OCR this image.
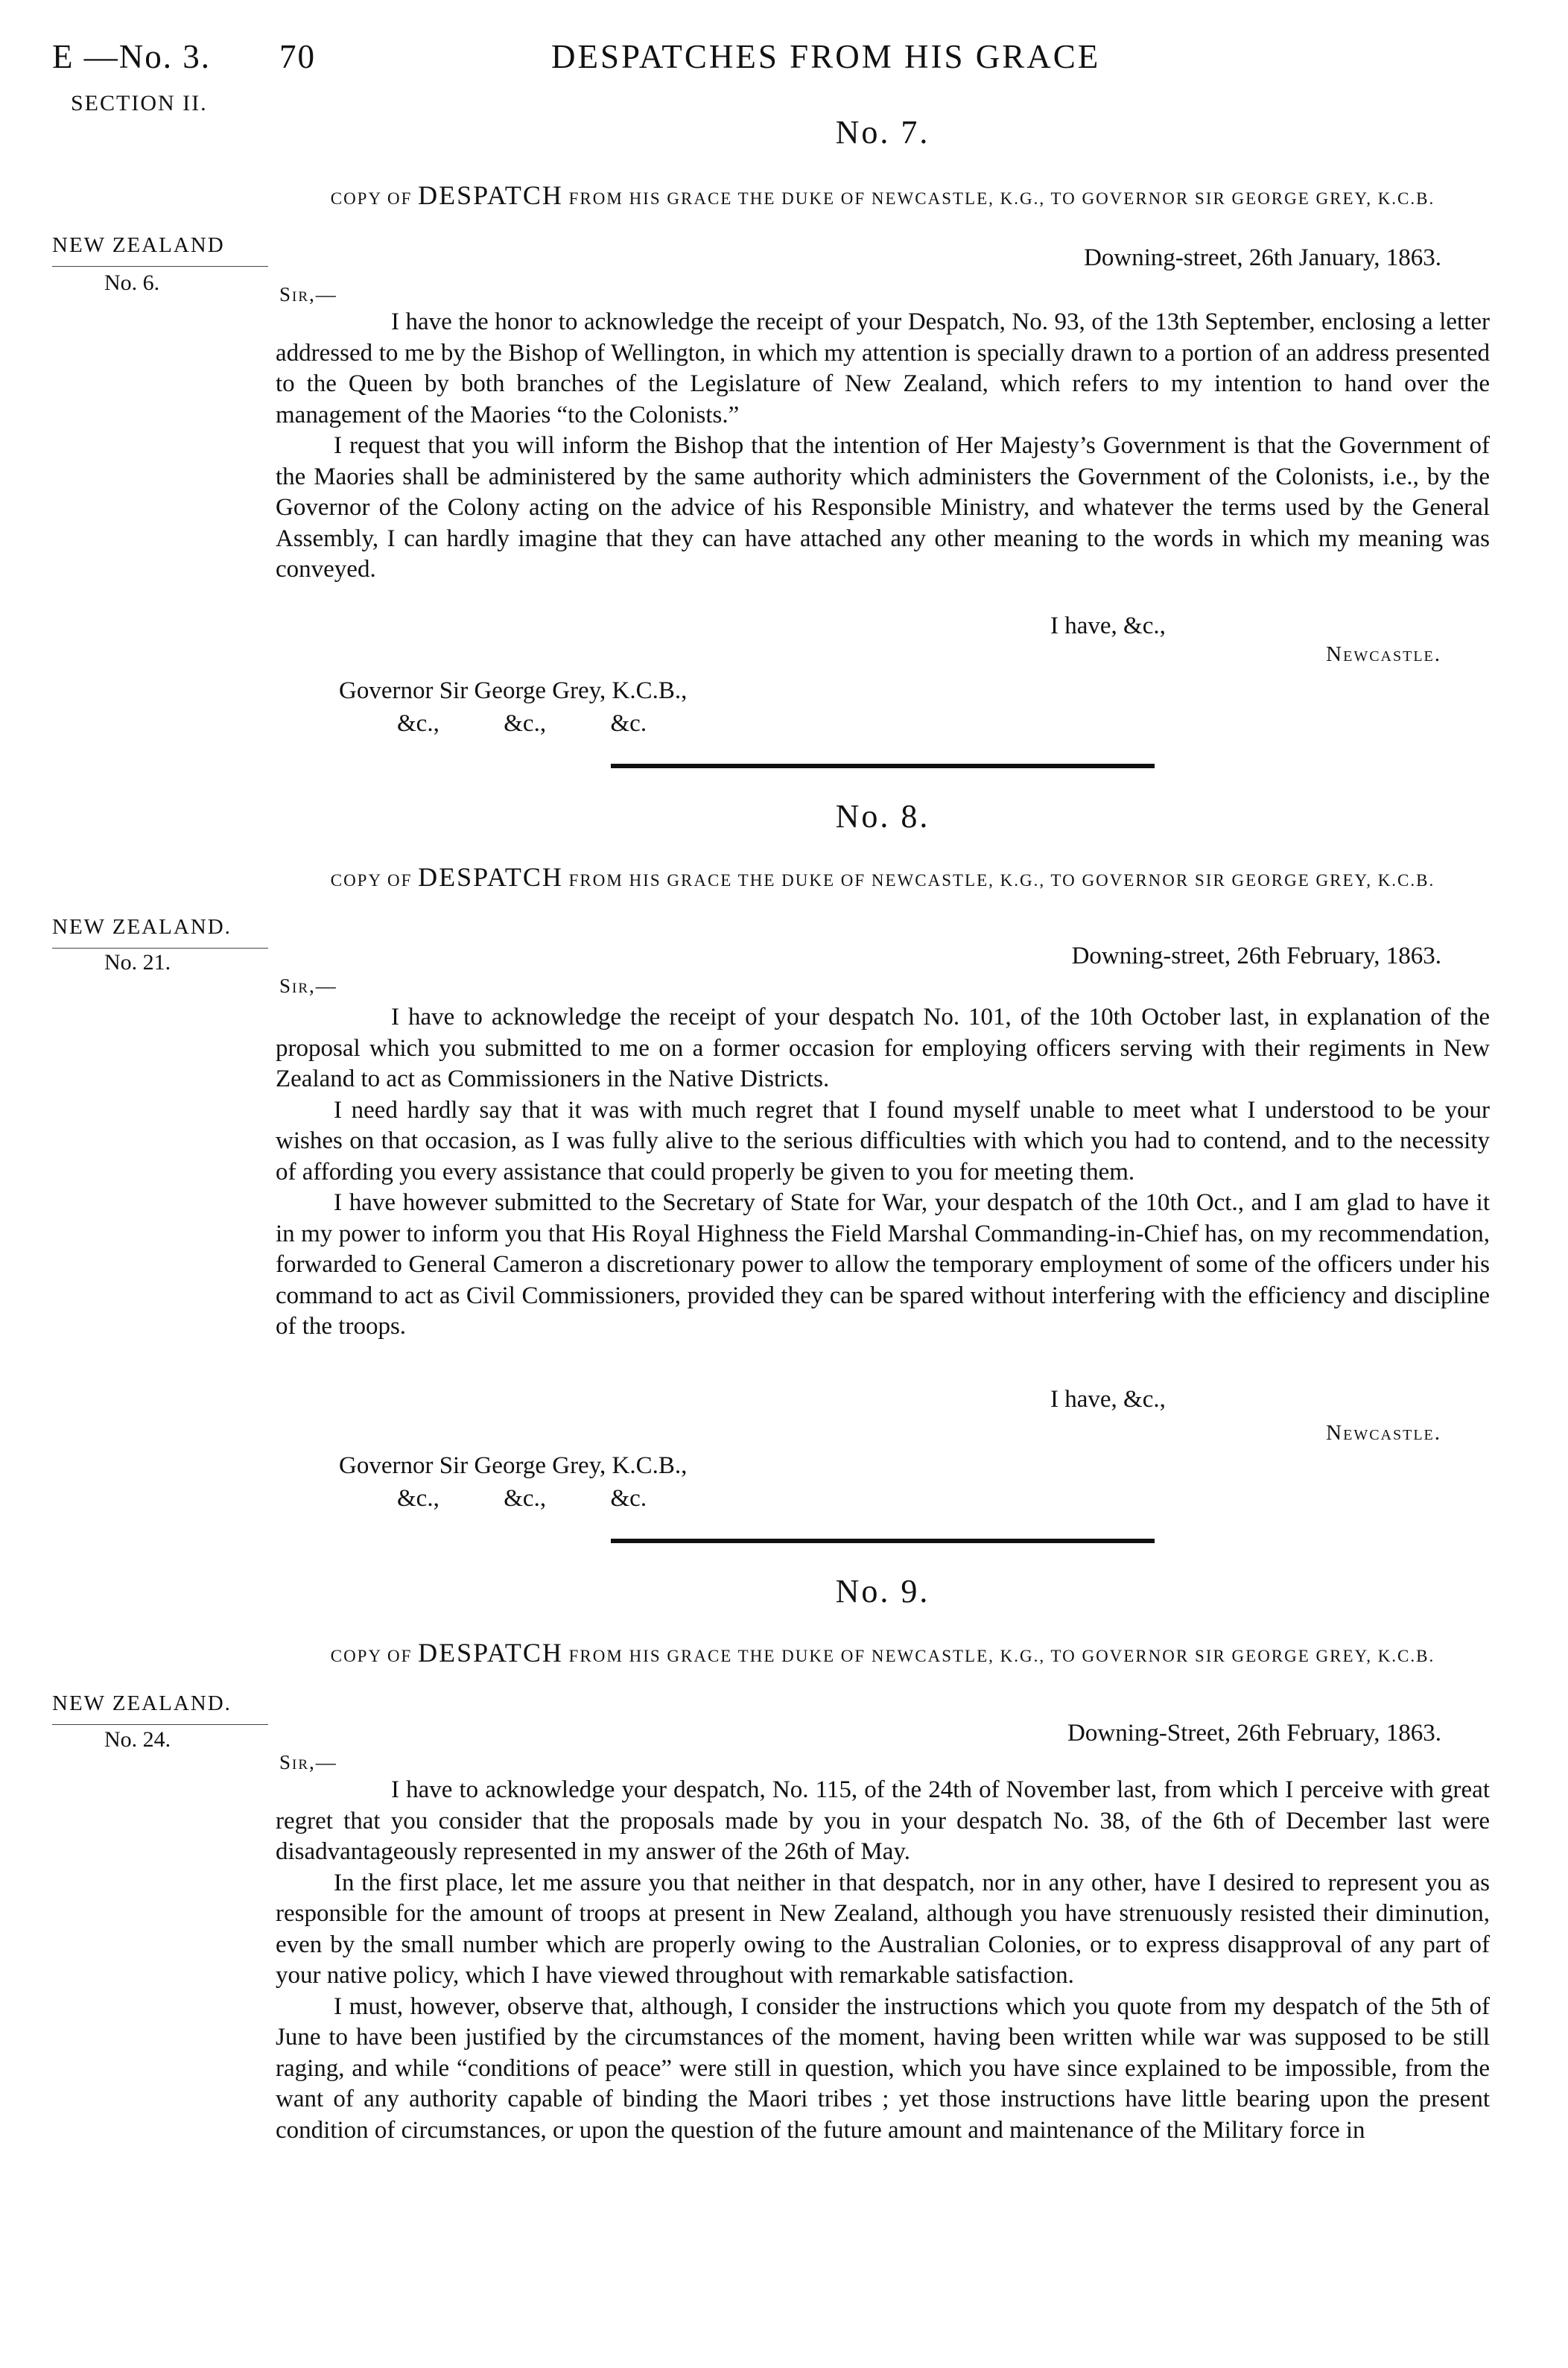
E —No. 3. 70	DESPATCHES FROM HIS GRACE
SECTION II.
No. 7.
COPY OF DESPATCH FROM HIS GRACE THE DUKE OF NEWCASTLE, K.G., TO GOVERNOR SIR GEORGE GREY, K.C.B.
NEW ZEALAND
No. 6.
Downing-street, 26th January, 1863.
Sir,—

I have the honor to acknowledge the receipt of your Despatch, No. 93, of the 13th September, enclosing a letter addressed to me by the Bishop of Wellington, in which my attention is specially drawn to a portion of an address presented to the Queen by both branches of the Legislature of New Zealand, which refers to my intention to hand over the management of the Maories “to the Colonists.”

I request that you will inform the Bishop that the intention of Her Majesty’s Government is that the Government of the Maories shall be administered by the same authority which administers the Government of the Colonists, i.e., by the Governor of the Colony acting on the advice of his Responsible Ministry, and whatever the terms used by the General Assembly, I can hardly imagine that they can have attached any other meaning to the words in which my meaning was conveyed.

I have, &c.,
Newcastle.
Governor Sir George Grey, K.C.B.,
&c.,	&c.,	&c.
No. 8.
COPY OF DESPATCH FROM HIS GRACE THE DUKE OF NEWCASTLE, K.G., TO GOVERNOR SIR GEORGE GREY, K.C.B.
NEW ZEALAND.
No. 21.	Downing-street, 26th February, 1863.
Sir,—

I have to acknowledge the receipt of your despatch No. 101, of the 10th October last, in explanation of the proposal which you submitted to me on a former occasion for employing officers serving with their regiments in New Zealand to act as Commissioners in the Native Districts.

I need hardly say that it was with much regret that I found myself unable to meet what I understood to be your wishes on that occasion, as I was fully alive to the serious difficulties with which you had to contend, and to the necessity of affording you every assistance that could properly be given to you for meeting them.

I have however submitted to the Secretary of State for War, your despatch of the 10th Oct., and I am glad to have it in my power to inform you that His Royal Highness the Field Marshal Commanding-in-Chief has, on my recommendation, forwarded to General Cameron a discretionary power to allow the temporary employment of some of the officers under his command to act as Civil Commissioners, provided they can be spared without interfering with the efficiency and discipline of the troops.

I have, &c.,
Newcastle.
Governor Sir George Grey, K.C.B.,
&c.,	&c.,	&c.
No. 9.
COPY OF DESPATCH FROM HIS GRACE THE DUKE OF NEWCASTLE, K.G., TO GOVERNOR SIR GEORGE GREY, K.C.B.
NEW ZEALAND.
No. 24.	Downing-Street, 26th February, 1863.
Sir,—

I have to acknowledge your despatch, No. 115, of the 24th of November last, from which I perceive with great regret that you consider that the proposals made by you in your despatch No. 38, of the 6th of December last were disadvantageously represented in my answer of the 26th of May.

In the first place, let me assure you that neither in that despatch, nor in any other, have I desired to represent you as responsible for the amount of troops at present in New Zealand, although you have strenuously resisted their diminution, even by the small number which are properly owing to the Australian Colonies, or to express disapproval of any part of your native policy, which I have viewed throughout with remarkable satisfaction.

I must, however, observe that, although, I consider the instructions which you quote from my despatch of the 5th of June to have been justified by the circumstances of the moment, having been written while war was supposed to be still raging, and while “conditions of peace” were still in question, which you have since explained to be impossible, from the want of any authority capable of binding the Maori tribes ; yet those instructions have little bearing upon the present condition of circumstances, or upon the question of the future amount and maintenance of the Military force in
